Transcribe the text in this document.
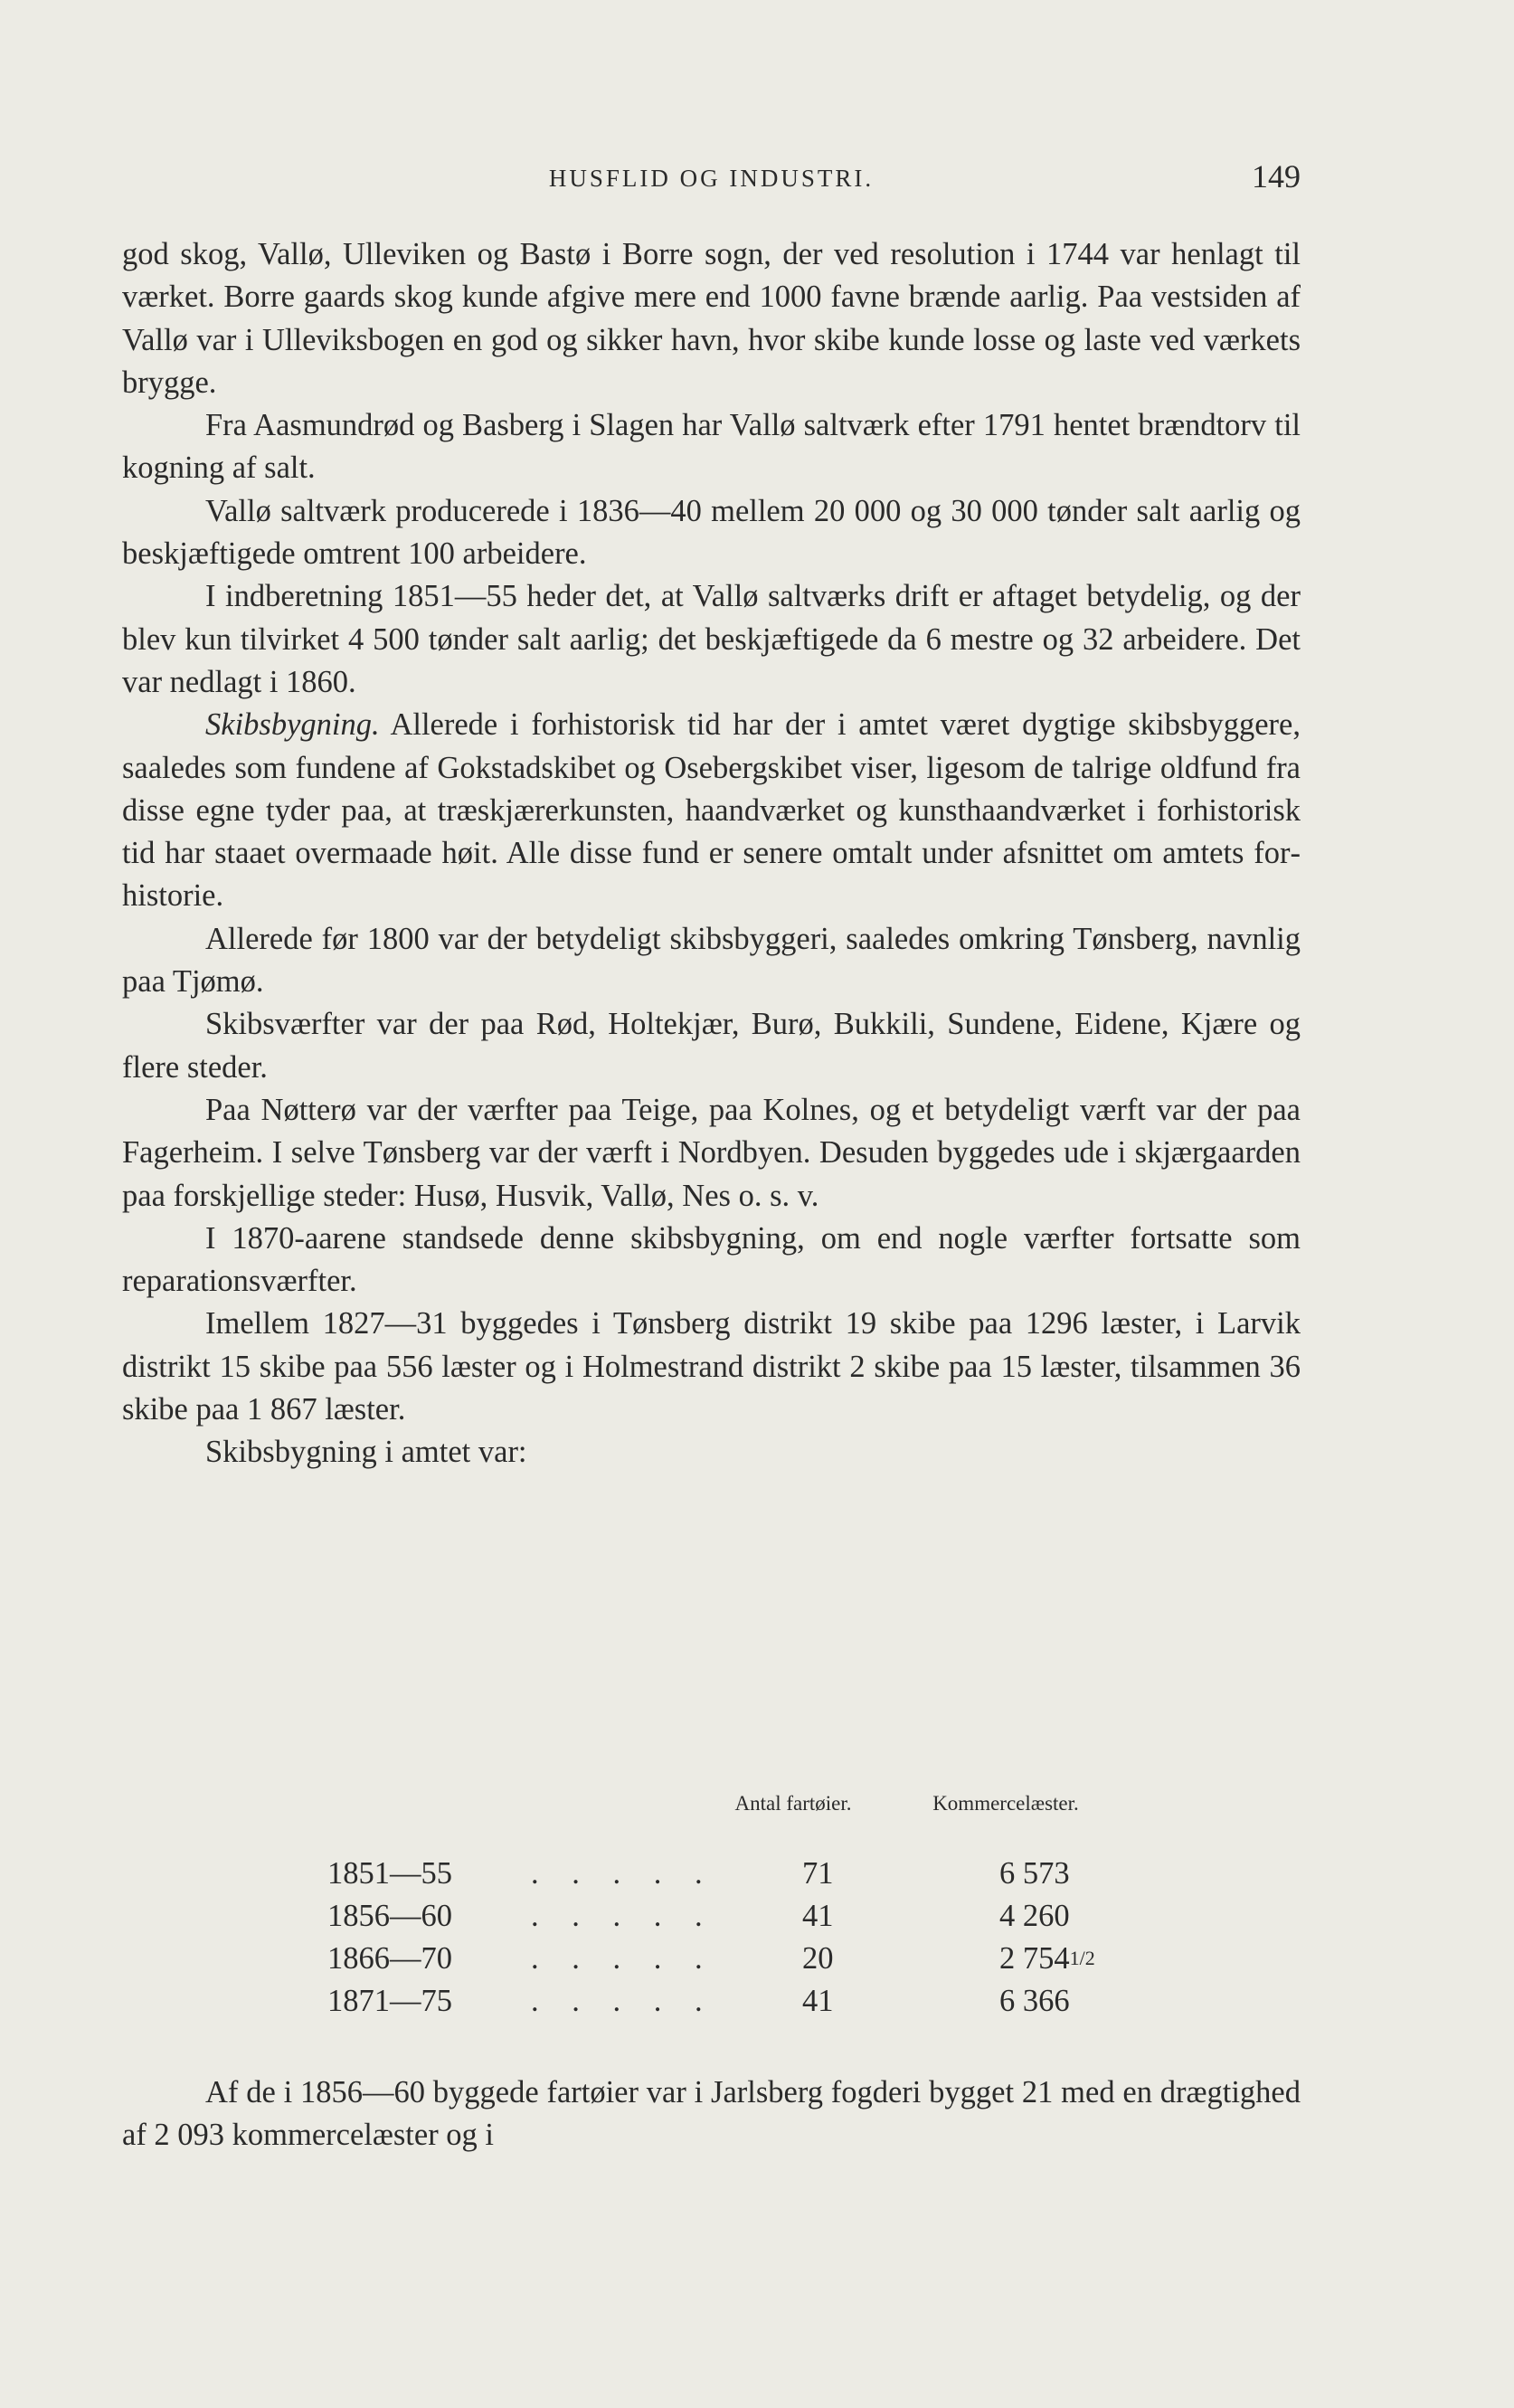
HUSFLID OG INDUSTRI.	149

god skog, Vallø, Ulleviken og Bastø i Borre sogn, der ved resolution i 1744 var henlagt til værket. Borre gaards skog kunde afgive mere end 1000 favne brænde aarlig. Paa vestsiden af Vallø var i Ulleviksbogen en god og sikker havn, hvor skibe kunde losse og laste ved værkets brygge.

Fra Aasmundrød og Basberg i Slagen har Vallø saltværk efter 1791 hentet brændtorv til kogning af salt.

Vallø saltværk producerede i 1836—40 mellem 20 000 og 30 000 tønder salt aarlig og beskjæftigede omtrent 100 arbeidere.

I indberetning 1851—55 heder det, at Vallø saltværks drift er aftaget betydelig, og der blev kun tilvirket 4 500 tønder salt aarlig; det beskjæftigede da 6 mestre og 32 arbeidere. Det var nedlagt i 1860.

Skibsbygning. Allerede i forhistorisk tid har der i amtet været dygtige skibsbyggere, saaledes som fundene af Gokstadskibet og Osebergskibet viser, ligesom de talrige oldfund fra disse egne tyder paa, at træskjærerkunsten, haandværket og kunsthaandværket i forhistorisk tid har staaet overmaade høit. Alle disse fund er senere omtalt under afsnittet om amtets forhistorie.

Allerede før 1800 var der betydeligt skibsbyggeri, saaledes omkring Tønsberg, navnlig paa Tjømø.

Skibsværfter var der paa Rød, Holtekjær, Burø, Bukkili, Sundene, Eidene, Kjære og flere steder.

Paa Nøtterø var der værfter paa Teige, paa Kolnes, og et betydeligt værft var der paa Fagerheim. I selve Tønsberg var der værft i Nordbyen. Desuden byggedes ude i skjærgaarden paa forskjellige steder: Husø, Husvik, Vallø, Nes o. s. v.

I 1870-aarene standsede denne skibsbygning, om end nogle værfter fortsatte som reparationsværfter.

Imellem 1827—31 byggedes i Tønsberg distrikt 19 skibe paa 1296 læster, i Larvik distrikt 15 skibe paa 556 læster og i Holmestrand distrikt 2 skibe paa 15 læster, tilsammen 36 skibe paa 1 867 læster.

Skibsbygning i amtet var:

Antal fartøier.	Kommercelæster.
1851—55	. . . . .	71	6 573
1856—60	. . . . .	41	4 260
1866—70	. . . . .	20	2 7541/2
1871—75	. . . . .	41	6 366

Af de i 1856—60 byggede fartøier var i Jarlsberg fogderi bygget 21 med en drægtighed af 2 093 kommercelæster og i
